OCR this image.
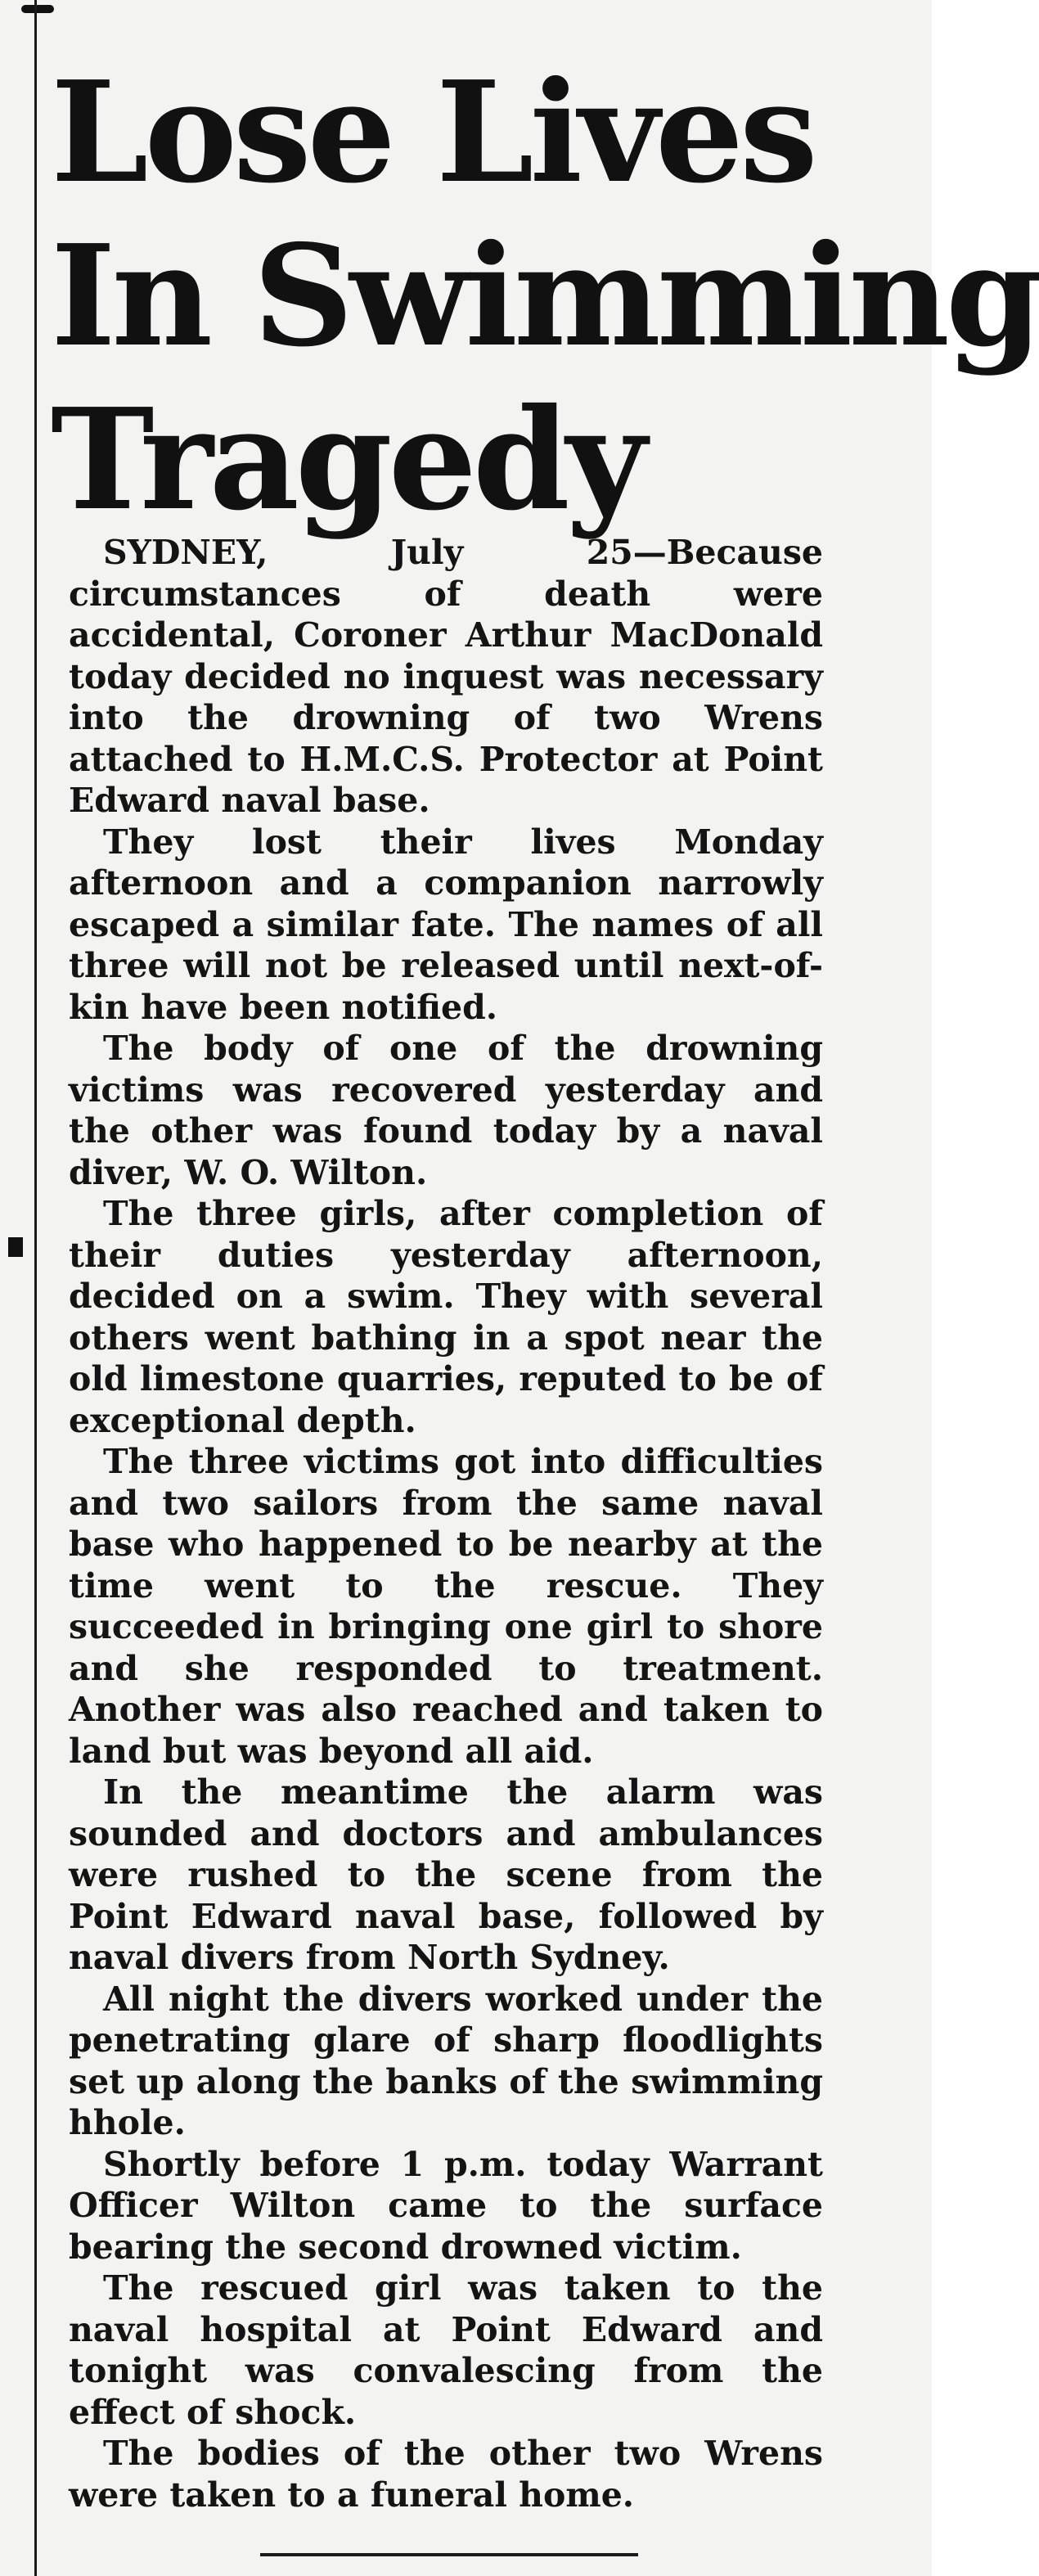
Lose Lives
In Swimming
Tragedy

SYDNEY, July 25—Because circumstances of death were accidental, Coroner Arthur MacDonald today decided no inquest was necessary into the drowning of two Wrens attached to H.M.C.S. Protector at Point Edward naval base.

They lost their lives Monday afternoon and a companion narrowly escaped a similar fate. The names of all three will not be released until next-of-kin have been notified.

The body of one of the drowning victims was recovered yesterday and the other was found today by a naval diver, W. O. Wilton.

The three girls, after completion of their duties yesterday afternoon, decided on a swim. They with several others went bathing in a spot near the old limestone quarries, reputed to be of exceptional depth.

The three victims got into difficulties and two sailors from the same naval base who happened to be nearby at the time went to the rescue. They succeeded in bringing one girl to shore and she responded to treatment. Another was also reached and taken to land but was beyond all aid.

In the meantime the alarm was sounded and doctors and ambulances were rushed to the scene from the Point Edward naval base, followed by naval divers from North Sydney.

All night the divers worked under the penetrating glare of sharp floodlights set up along the banks of the swimming hhole.

Shortly before 1 p.m. today Warrant Officer Wilton came to the surface bearing the second drowned victim.

The rescued girl was taken to the naval hospital at Point Edward and tonight was convalescing from the effect of shock.

The bodies of the other two Wrens were taken to a funeral home.
